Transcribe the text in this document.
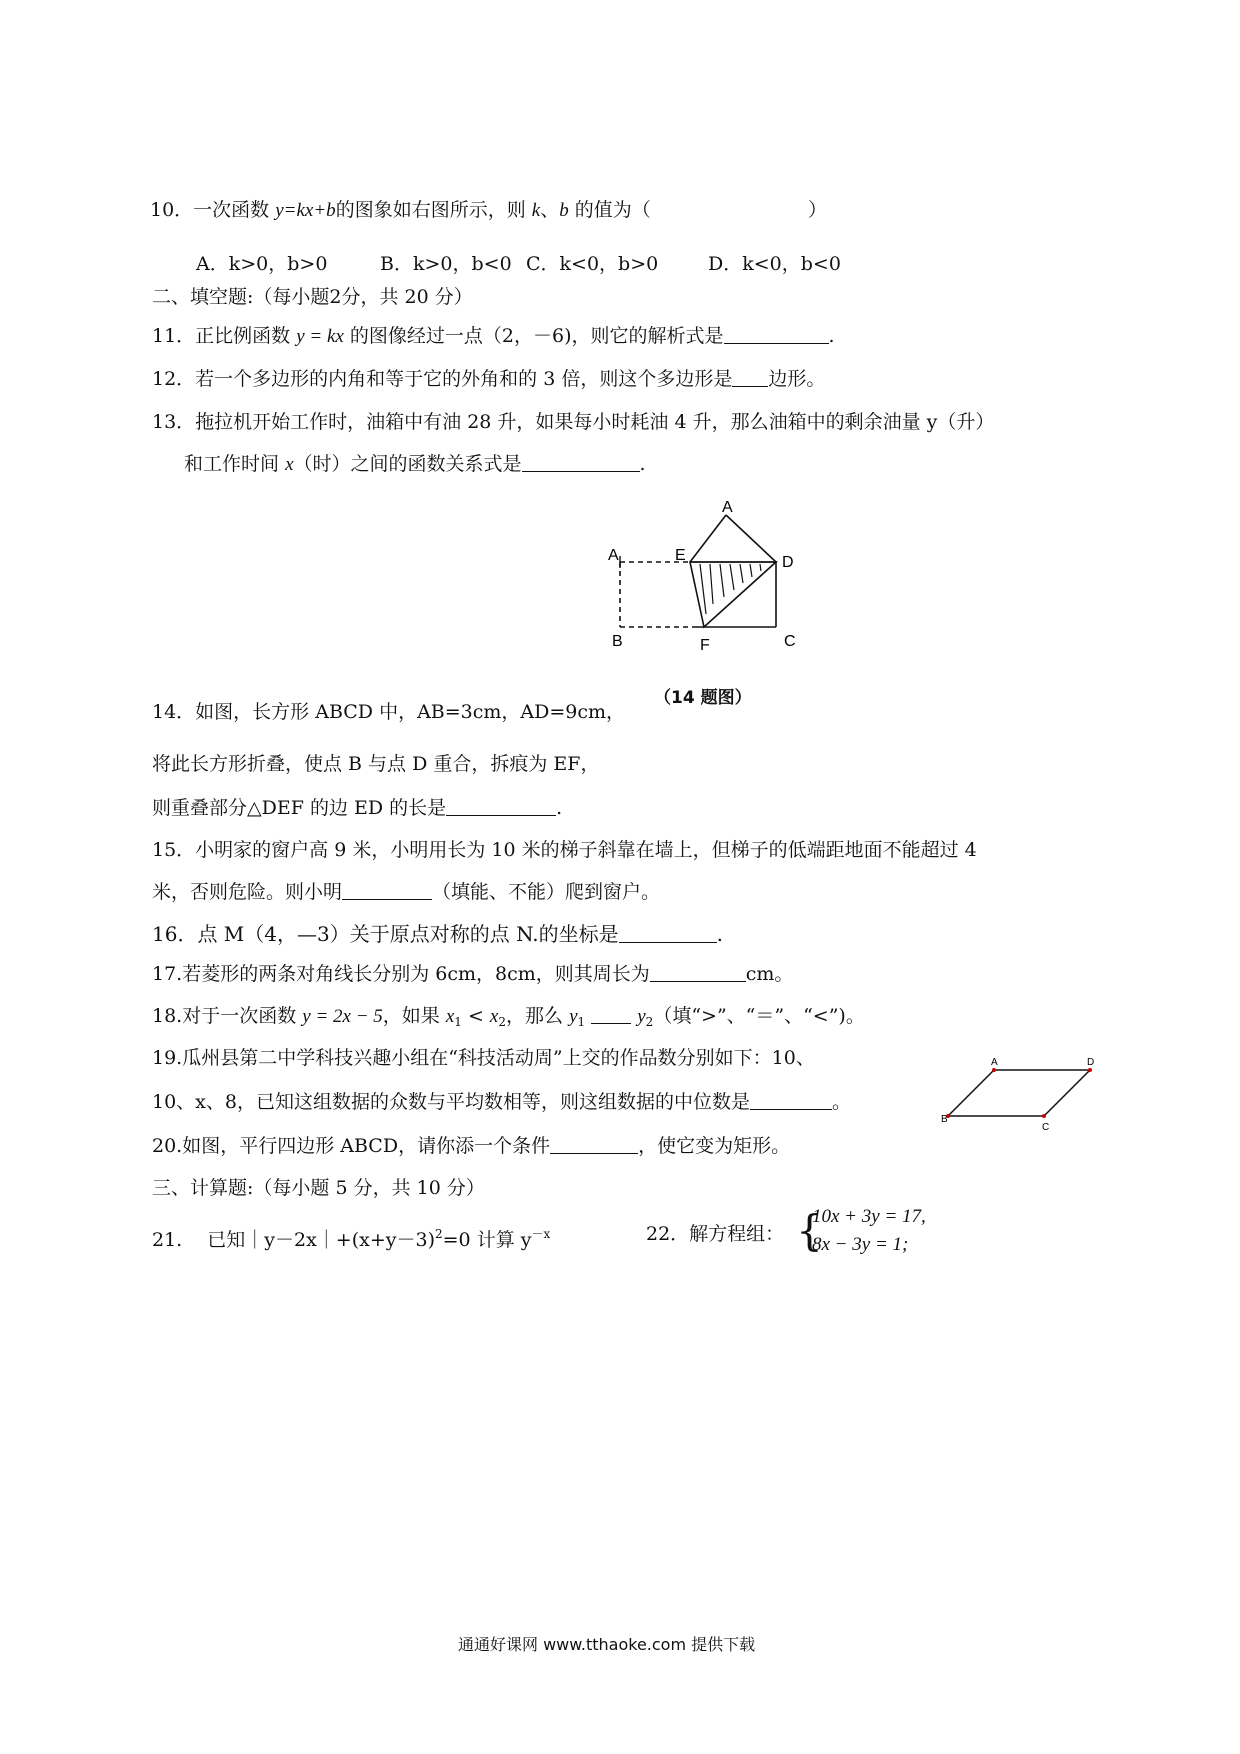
10．一次函数 y=kx+b的图象如右图所示，则 k、b 的值为（	）
A．k>0，b>0	B．k>0，b<0 C．k<0，b>0	D．k<0，b<0
二、填空题:（每小题2分，共 20 分）
11．正比例函数 y = kx 的图像经过一点（2，－6)，则它的解析式是	.
12．若一个多边形的内角和等于它的外角和的 3 倍，则这个多边形是 边形。
13．拖拉机开始工作时，油箱中有油 28 升，如果每小时耗油 4 升，那么油箱中的剩余油量 y（升）
和工作时间 x（时）之间的函数关系式是	.
A
A	E	D
B	F	C
（14 题图）
14．如图，长方形 ABCD 中，AB=3cm，AD=9cm，
将此长方形折叠，使点 B 与点 D 重合，拆痕为 EF，
则重叠部分△DEF 的边 ED 的长是	.
15．小明家的窗户高 9 米，小明用长为 10 米的梯子斜靠在墙上，但梯子的低端距地面不能超过 4
米，否则危险。则小明	（填能、不能）爬到窗户。
16．点 M（4，—3）关于原点对称的点 N.的坐标是	.
17.若菱形的两条对角线长分别为 6cm，8cm，则其周长为	cm。
18.对于一次函数 y = 2x − 5，如果 $x_1 < x_2$，那么 $y_1$	$y_2$（填“>”、“＝”、“<”)。
19.瓜州县第二中学科技兴趣小组在“科技活动周”上交的作品数分别如下：10、
10、x、8，已知这组数据的众数与平均数相等，则这组数据的中位数是	。
A	D
B
C
20.如图，平行四边形 ABCD，请你添一个条件	，使它变为矩形。
三、计算题:（每小题 5 分，共 10 分）
21.　 已知$|y-2x|+(x+y-3)^2=0$ 计算 $y^{-x}$	22．解方程组： {
10x + 3y = 17,
8x − 3y = 1;
通通好课网 www.tthaoke.com 提供下载
